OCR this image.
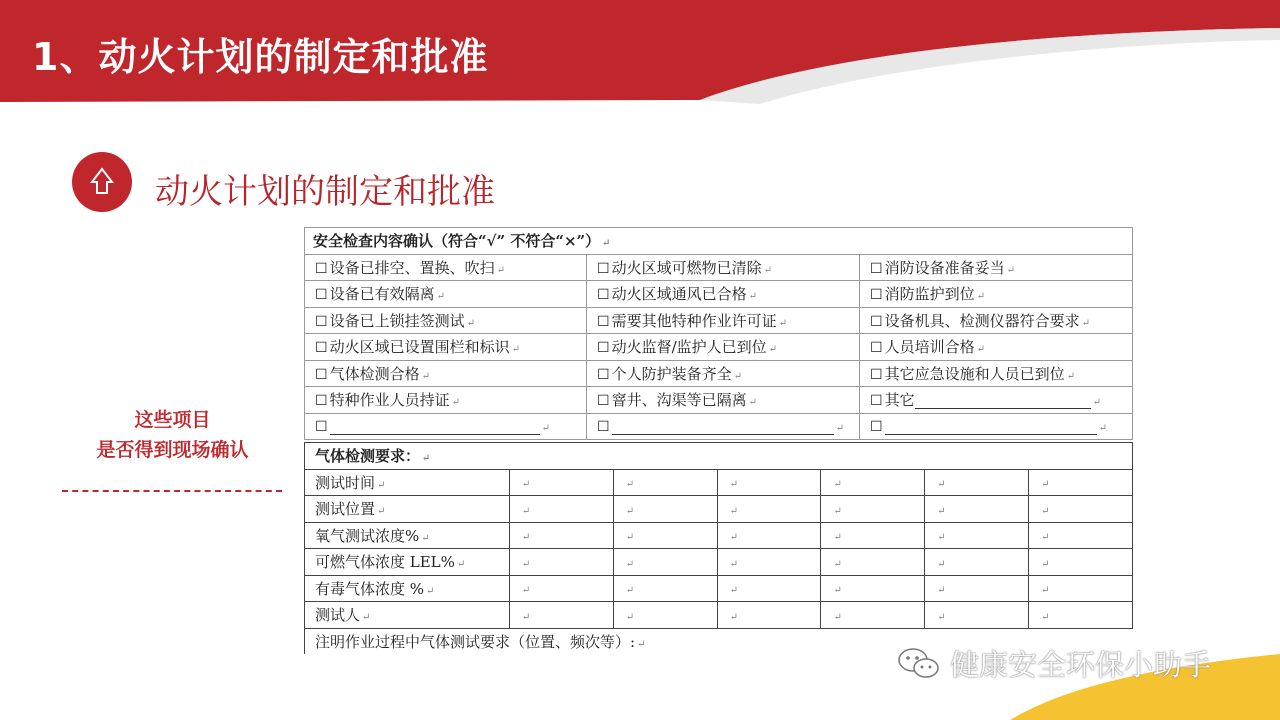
1、动火计划的制定和批准
动火计划的制定和批准
这些项目
是否得到现场确认
安全检查内容确认（符合“√” 不符合“×”） ↵		
☐ 设备已排空、置换、吹扫 ↵	☐ 动火区域可燃物已清除 ↵	☐ 消防设备准备妥当 ↵
☐ 设备已有效隔离 ↵	☐ 动火区域通风已合格 ↵	☐ 消防监护到位 ↵
☐ 设备已上锁挂签测试 ↵	☐ 需要其他特种作业许可证 ↵	☐ 设备机具、检测仪器符合要求 ↵
☐ 动火区域已设置围栏和标识 ↵	☐ 动火监督/监护人已到位 ↵	☐ 人员培训合格 ↵
☐ 气体检测合格 ↵	☐ 个人防护装备齐全 ↵	☐ 其它应急设施和人员已到位 ↵
☐ 特种作业人员持证 ↵	☐ 窨井、沟渠等已隔离 ↵	☐ 其它 ↵
☐ ↵	☐ ↵	☐ ↵
气体检测要求： ↵						
测试时间 ↵	↵	↵	↵	↵	↵	↵
测试位置 ↵	↵	↵	↵	↵	↵	↵
氧气测试浓度% ↵	↵	↵	↵	↵	↵	↵
可燃气体浓度 LEL% ↵	↵	↵	↵	↵	↵	↵
有毒气体浓度 % ↵	↵	↵	↵	↵	↵	↵
测试人 ↵	↵	↵	↵	↵	↵	↵
注明作业过程中气体测试要求（位置、频次等）: ↵						
健康安全环保小助手
